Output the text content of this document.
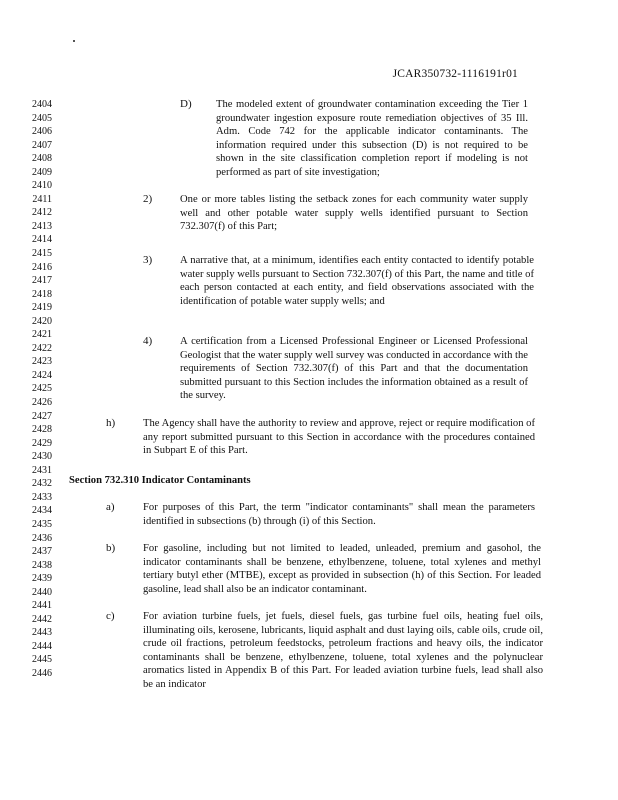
JCAR350732-1116191r01
2404
2405
2406
2407
2408
2409
2410
2411
2412
2413
2414
2415
2416
2417
2418
2419
2420
2421
2422
2423
2424
2425
2426
2427
2428
2429
2430
2431
2432
2433
2434
2435
2436
2437
2438
2439
2440
2441
2442
2443
2444
2445
2446
D) The modeled extent of groundwater contamination exceeding the Tier 1 groundwater ingestion exposure route remediation objectives of 35 Ill. Adm. Code 742 for the applicable indicator contaminants. The information required under this subsection (D) is not required to be shown in the site classification completion report if modeling is not performed as part of site investigation;

2)	One or more tables listing the setback zones for each community water supply well and other potable water supply wells identified pursuant to Section 732.307(f) of this Part;

3)	A narrative that, at a minimum, identifies each entity contacted to identify potable water supply wells pursuant to Section 732.307(f) of this Part, the name and title of each person contacted at each entity, and field observations associated with the identification of potable water supply wells; and

4)	A certification from a Licensed Professional Engineer or Licensed Professional Geologist that the water supply well survey was conducted in accordance with the requirements of Section 732.307(f) of this Part and that the documentation submitted pursuant to this Section includes the information obtained as a result of the survey.

h)	The Agency shall have the authority to review and approve, reject or require modification of any report submitted pursuant to this Section in accordance with the procedures contained in Subpart E of this Part.

Section 732.310 Indicator Contaminants
a)	For purposes of this Part, the term "indicator contaminants" shall mean the parameters identified in subsections (b) through (i) of this Section.

b)	For gasoline, including but not limited to leaded, unleaded, premium and gasohol, the indicator contaminants shall be benzene, ethylbenzene, toluene, total xylenes and methyl tertiary butyl ether (MTBE), except as provided in subsection (h) of this Section. For leaded gasoline, lead shall also be an indicator contaminant.

c)	For aviation turbine fuels, jet fuels, diesel fuels, gas turbine fuel oils, heating fuel oils, illuminating oils, kerosene, lubricants, liquid asphalt and dust laying oils, cable oils, crude oil, crude oil fractions, petroleum feedstocks, petroleum fractions and heavy oils, the indicator contaminants shall be benzene, ethylbenzene, toluene, total xylenes and the polynuclear aromatics listed in Appendix B of this Part. For leaded aviation turbine fuels, lead shall also be an indicator
